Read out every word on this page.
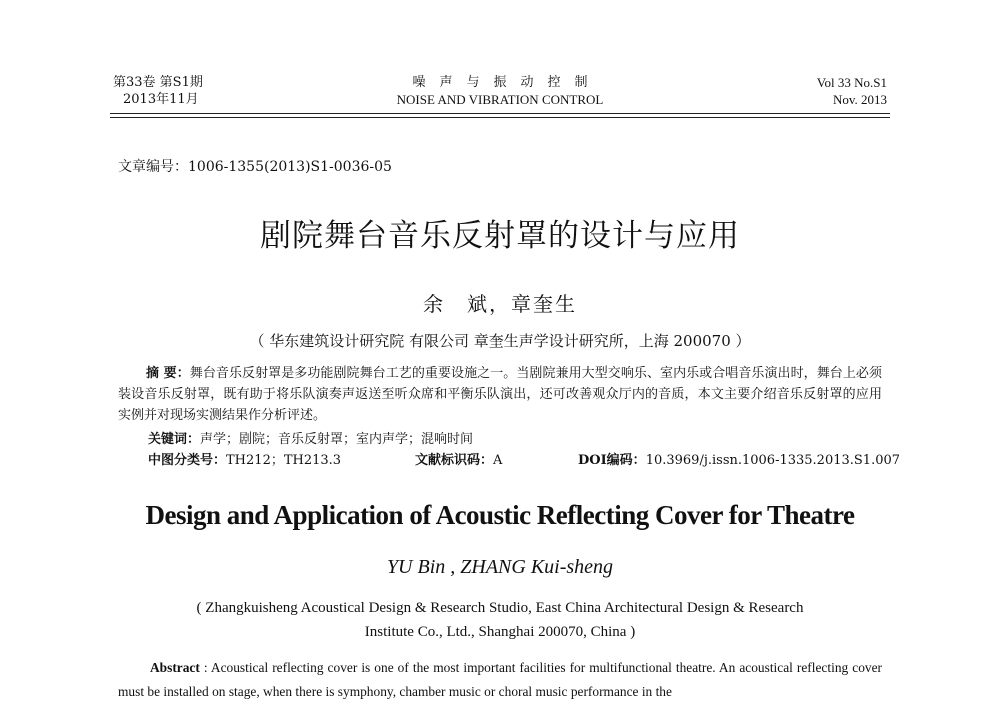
第33卷 第S1期
2013年11月
噪声与振动控制
NOISE AND VIBRATION CONTROL
Vol 33 No.S1
Nov. 2013
文章编号：1006-1355(2013)S1-0036-05
剧院舞台音乐反射罩的设计与应用
余　斌，章奎生
（ 华东建筑设计研究院 有限公司 章奎生声学设计研究所，上海 200070 ）
摘 要：舞台音乐反射罩是多功能剧院舞台工艺的重要设施之一。当剧院兼用大型交响乐、室内乐或合唱音乐演出时，舞台上必须装设音乐反射罩，既有助于将乐队演奏声返送至听众席和平衡乐队演出，还可改善观众厅内的音质，本文主要介绍音乐反射罩的应用实例并对现场实测结果作分析评述。
关键词：声学；剧院；音乐反射罩；室内声学；混响时间
中图分类号：TH212；TH213.3	文献标识码：A	DOI编码：10.3969/j.issn.1006-1335.2013.S1.007
Design and Application of Acoustic Reflecting Cover for Theatre
YU Bin , ZHANG Kui-sheng
( Zhangkuisheng Acoustical Design & Research Studio, East China Architectural Design & Research
Institute Co., Ltd., Shanghai 200070, China )
Abstract : Acoustical reflecting cover is one of the most important facilities for multifunctional theatre. An acoustical reflecting cover must be installed on stage, when there is symphony, chamber music or choral music performance in the
